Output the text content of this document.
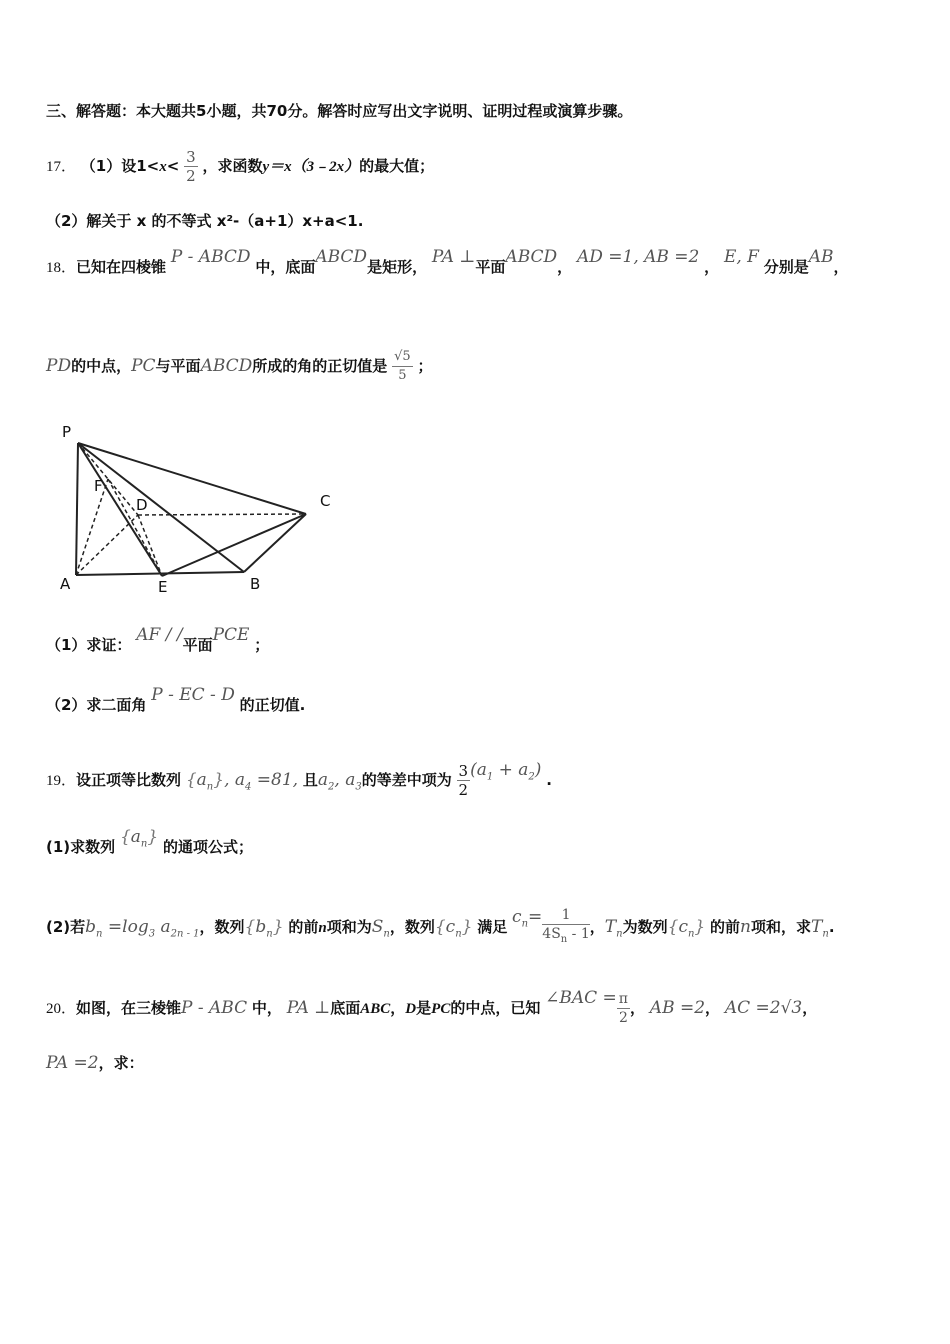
三、解答题：本大题共5小题，共70分。解答时应写出文字说明、证明过程或演算步骤。
17． （1）设$1<x< \frac{3}{2}$ ，求函数y＝x（3﹣2x）的最大值；
（2）解关于 x 的不等式 x²-（a+1）x+a<1.
18．已知在四棱锥 P - ABCD 中，底面ABCD是矩形， PA ⊥平面ABCD， AD =1, AB =2 ， E, F 分别是AB，
PD的中点，PC与平面ABCD所成的角的正切值是 $\frac{√5}{5}$ ；
P
F
D	C
A	E	B
（1）求证： AF / /平面PCE ；
（2）求二面角 P - EC - D 的正切值.
19．设正项等比数列 $\{a_n\}$, $a_4 =81$, 且$a_2$, $a_3$的等差中项为 $\frac{3}{2} (a_1 + a_2)$ .
(1)求数列 $\{a_n\}$ 的通项公式；
(2)若$b_n =\log_3$ $a_{2n - 1}$，数列$\{b_n\}$ 的前n项和为$S_n$，数列$\{c_n\}$ 满足 $c_n= \frac{1}{4S_n - 1}$ ，$T_n$为数列$\{c_n\}$ 的前n项和，求$T_n$.
20．如图，在三棱锥P - ABC 中， PA ⊥底面ABC，D是PC的中点，已知 ∠BAC = $\frac{\pi}{2}$ ， AB =2， AC =2√3，
PA =2，求：
